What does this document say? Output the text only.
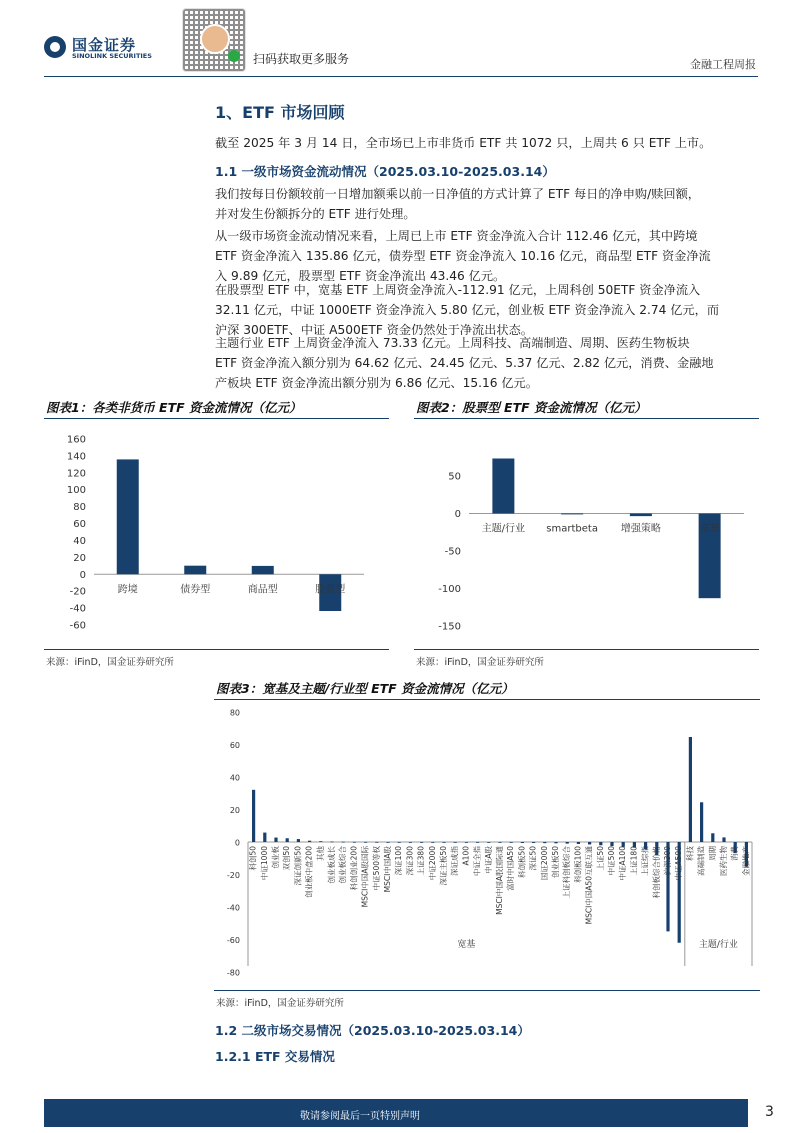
国金证券
SINOLINK SECURITIES	扫码获取更多服务	金融工程周报
1、ETF 市场回顾
截至 2025 年 3 月 14 日，全市场已上市非货币 ETF 共 1072 只，上周共 6 只 ETF 上市。
1.1 一级市场资金流动情况（2025.03.10-2025.03.14）
我们按每日份额较前一日增加额乘以前一日净值的方式计算了 ETF 每日的净申购/赎回额，
并对发生份额拆分的 ETF 进行处理。
从一级市场资金流动情况来看，上周已上市 ETF 资金净流入合计 112.46 亿元，其中跨境
ETF 资金净流入 135.86 亿元，债券型 ETF 资金净流入 10.16 亿元，商品型 ETF 资金净流
入 9.89 亿元，股票型 ETF 资金净流出 43.46 亿元。
在股票型 ETF 中，宽基 ETF 上周资金净流入-112.91 亿元，上周科创 50ETF 资金净流入
32.11 亿元，中证 1000ETF 资金净流入 5.80 亿元，创业板 ETF 资金净流入 2.74 亿元，而
沪深 300ETF、中证 A500ETF 资金仍然处于净流出状态。
主题行业 ETF 上周资金净流入 73.33 亿元。上周科技、高端制造、周期、医药生物板块
ETF 资金净流入额分别为 64.62 亿元、24.45 亿元、5.37 亿元、2.82 亿元，消费、金融地
产板块 ETF 资金净流出额分别为 6.86 亿元、15.16 亿元。
图表1：各类非货币 ETF 资金流情况（亿元）	图表2：股票型 ETF 资金流情况（亿元）
160
140
120
100
80
60
40
20
0
-20
-40
-60
跨境	债券型	商品型	股票型
50
0
-50
-100
-150
主题/行业 smartbeta 增强策略	宽基
来源：iFinD，国金证券研究所	来源：iFinD，国金证券研究所
图表3：宽基及主题/行业型 ETF 资金流情况（亿元）
80
60
40
20
0
-20
-40
-60
-80
科创50 中证1000 创业板 双创50 深证创新50 创业板中盘200 其他 创业板成长 创业板综合 科创创业200 MSCI中国A股国际 中证500等权 MSCI中国A股 深证100 深证300 上证380 中证2000 深证主板50 深证成指 A100 中证全指 中证A股 MSCI中国A股国际通 富时中国A50 科创板50 深证50 国证2000 创业板50 上证科创板综合 科创板100 MSCI中国A50互联互通 上证50 中证500 中证A100 上证180 上证综指 科创板综合价格 沪深300 中证A500 科技 高端制造 周期 医药生物 消费 金融地产
宽基	主题/行业
来源：iFinD，国金证券研究所
1.2 二级市场交易情况（2025.03.10-2025.03.14）
1.2.1 ETF 交易情况
敬请参阅最后一页特别声明	3
